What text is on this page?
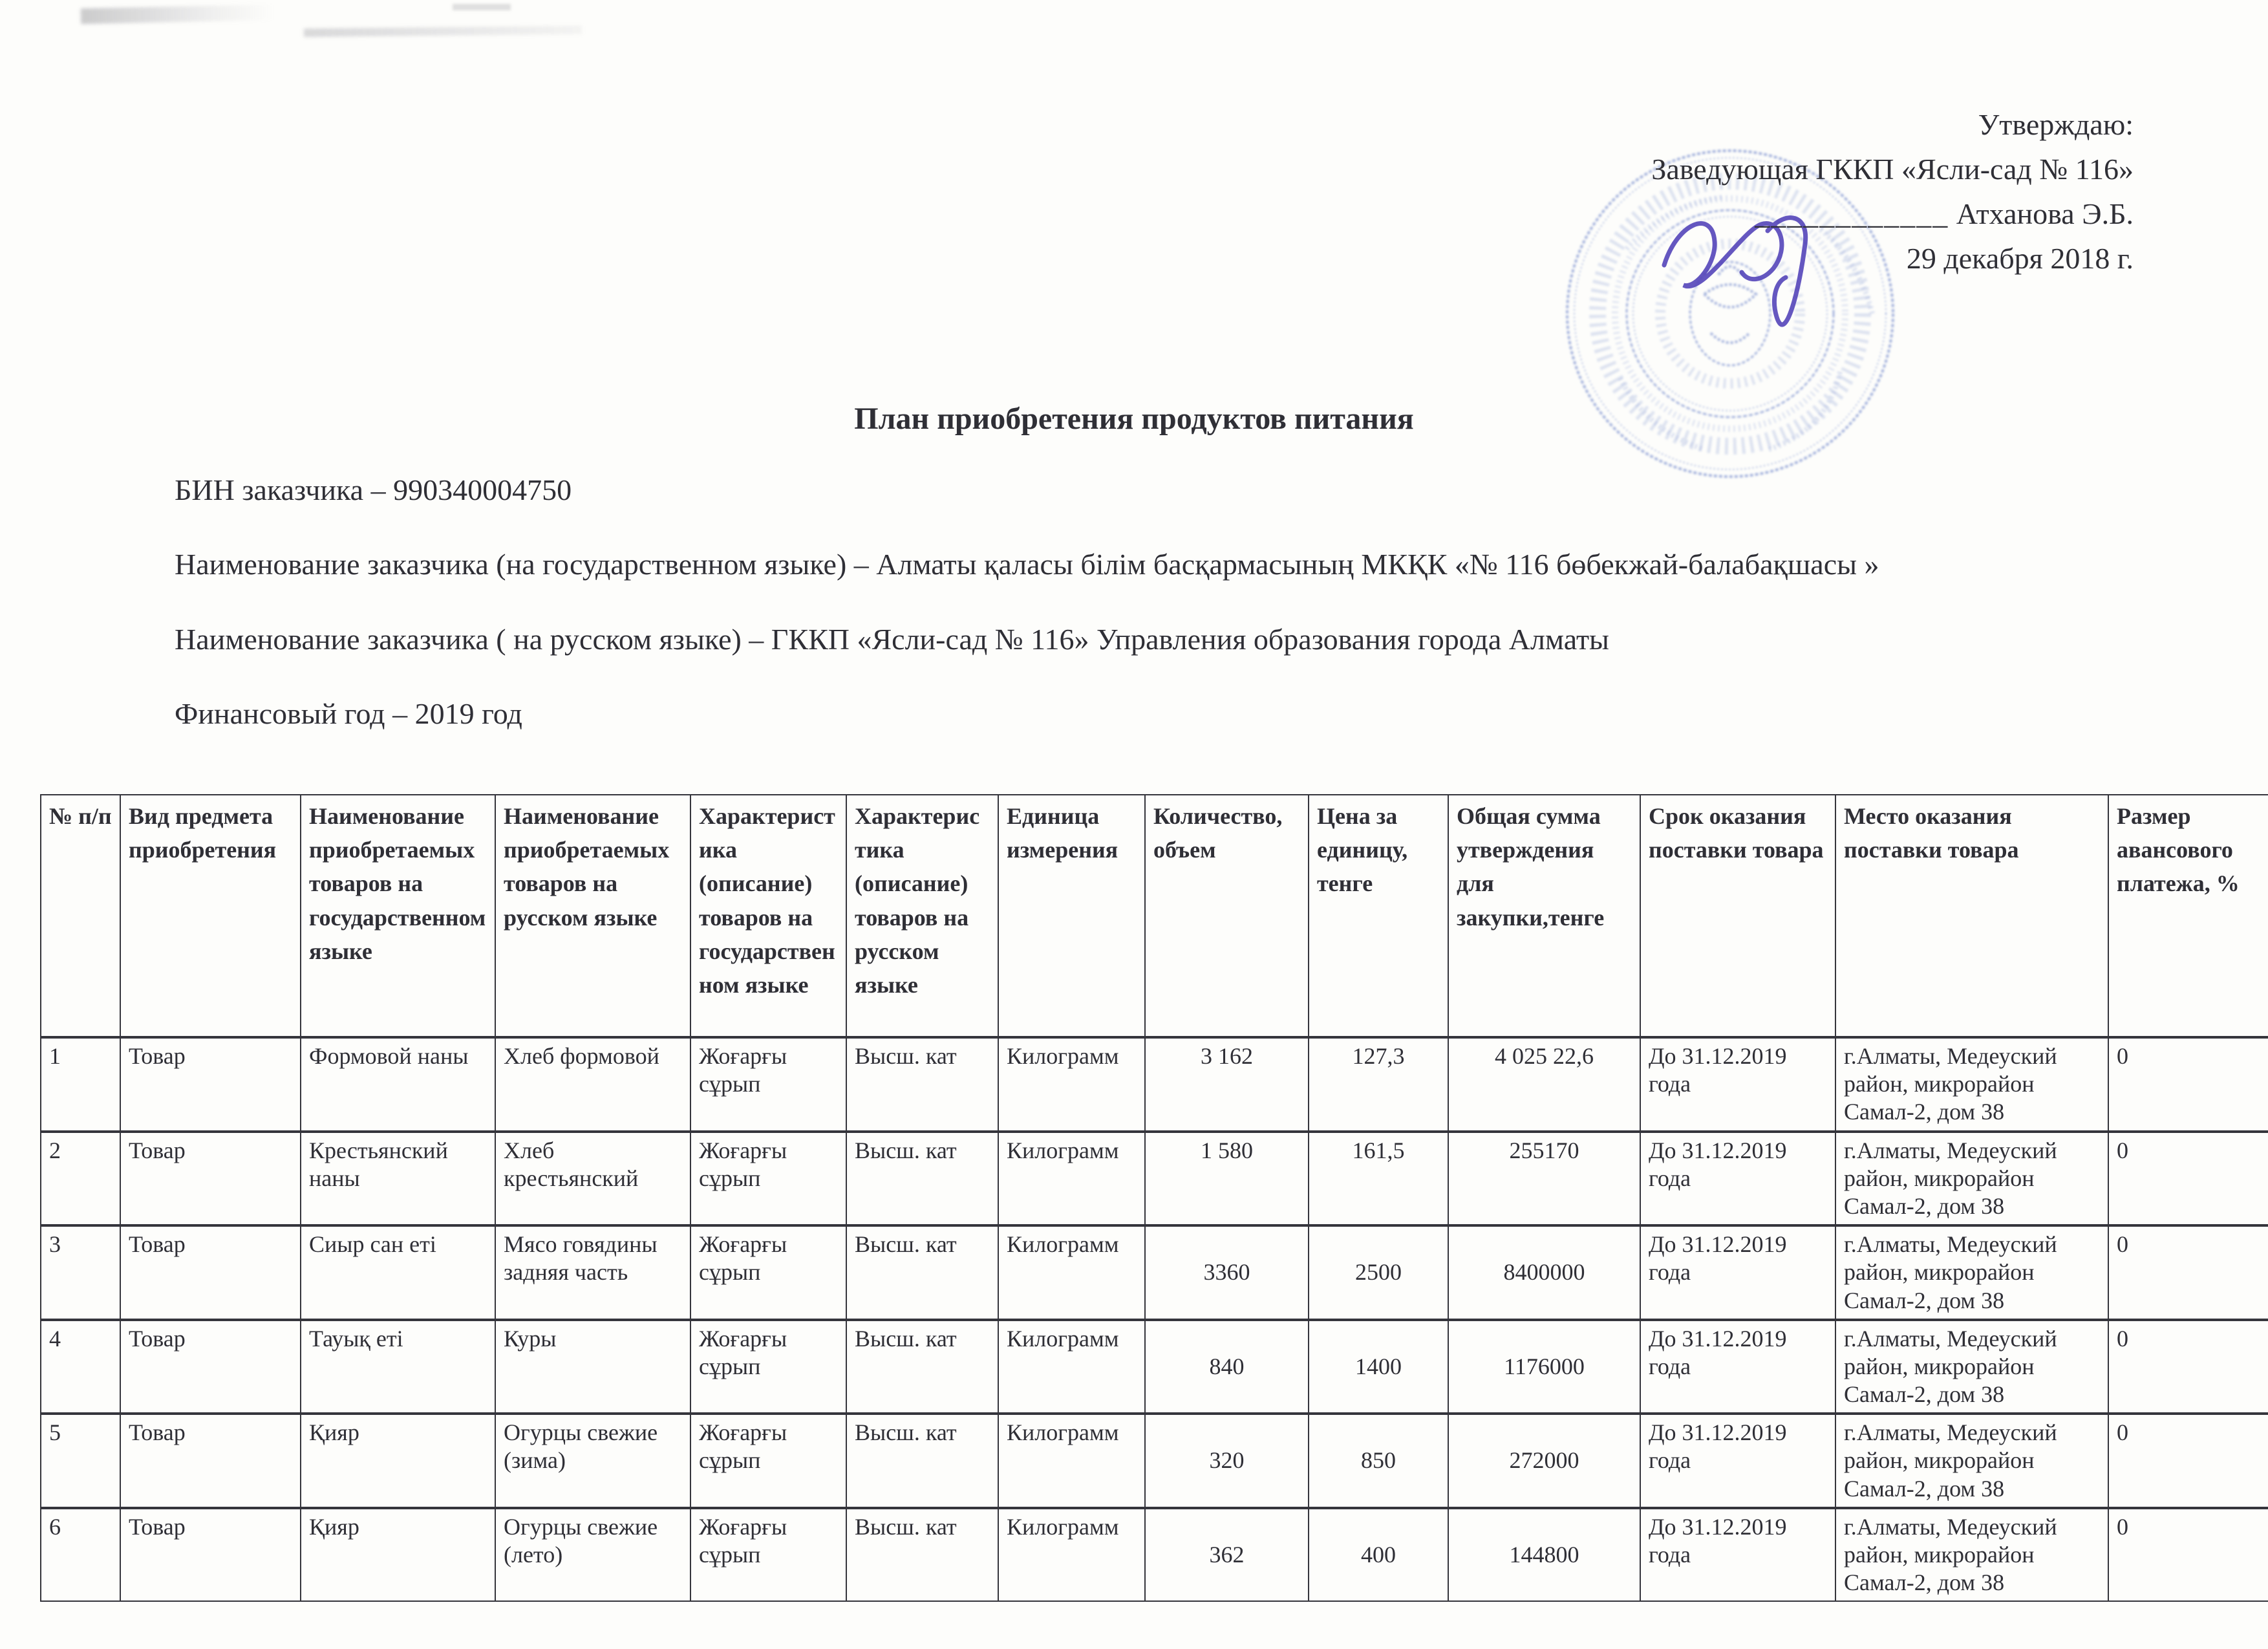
Утверждаю:
Заведующая ГККП «Ясли-сад № 116»
____________ Атханова Э.Б.
29 декабря 2018 г.
План приобретения продуктов питания

БИН заказчика – 990340004750

Наименование заказчика (на государственном языке) – Алматы қаласы білім басқармасының МКҚК «№ 116 бөбекжай-балабақшасы »

Наименование заказчика ( на русском языке) – ГККП «Ясли-сад № 116» Управления образования города Алматы

Финансовый год – 2019 год

№ п/п	Вид предмета приобретения	Наименование приобретаемых товаров на государственном языке	Наименование приобретаемых товаров на русском языке	Характеристика (описание) товаров на государственном языке	Характеристика (описание) товаров на русском языке	Единица измерения	Количество, объем	Цена за единицу, тенге	Общая сумма утверждения для закупки,тенге	Срок оказания поставки товара	Место оказания поставки товара	Размер авансового платежа, %
1	Товар	Формовой наны	Хлеб формовой	Жоғарғы сұрып	Высш. кат	Килограмм	3 162	127,3	4 025 22,6	До 31.12.2019 года	г.Алматы, Медеуский район, микрорайон Самал-2, дом 38	0
2	Товар	Крестьянский наны	Хлеб крестьянский	Жоғарғы сұрып	Высш. кат	Килограмм	1 580	161,5	255170	До 31.12.2019 года	г.Алматы, Медеуский район, микрорайон Самал-2, дом 38	0
3	Товар	Сиыр сан еті	Мясо говядины задняя часть	Жоғарғы сұрып	Высш. кат	Килограмм	3360	2500	8400000	До 31.12.2019 года	г.Алматы, Медеуский район, микрорайон Самал-2, дом 38	0
4	Товар	Тауық еті	Куры	Жоғарғы сұрып	Высш. кат	Килограмм	840	1400	1176000	До 31.12.2019 года	г.Алматы, Медеуский район, микрорайон Самал-2, дом 38	0
5	Товар	Қияр	Огурцы свежие (зима)	Жоғарғы сұрып	Высш. кат	Килограмм	320	850	272000	До 31.12.2019 года	г.Алматы, Медеуский район, микрорайон Самал-2, дом 38	0
6	Товар	Қияр	Огурцы свежие (лето)	Жоғарғы сұрып	Высш. кат	Килограмм	362	400	144800	До 31.12.2019 года	г.Алматы, Медеуский район, микрорайон Самал-2, дом 38	0
